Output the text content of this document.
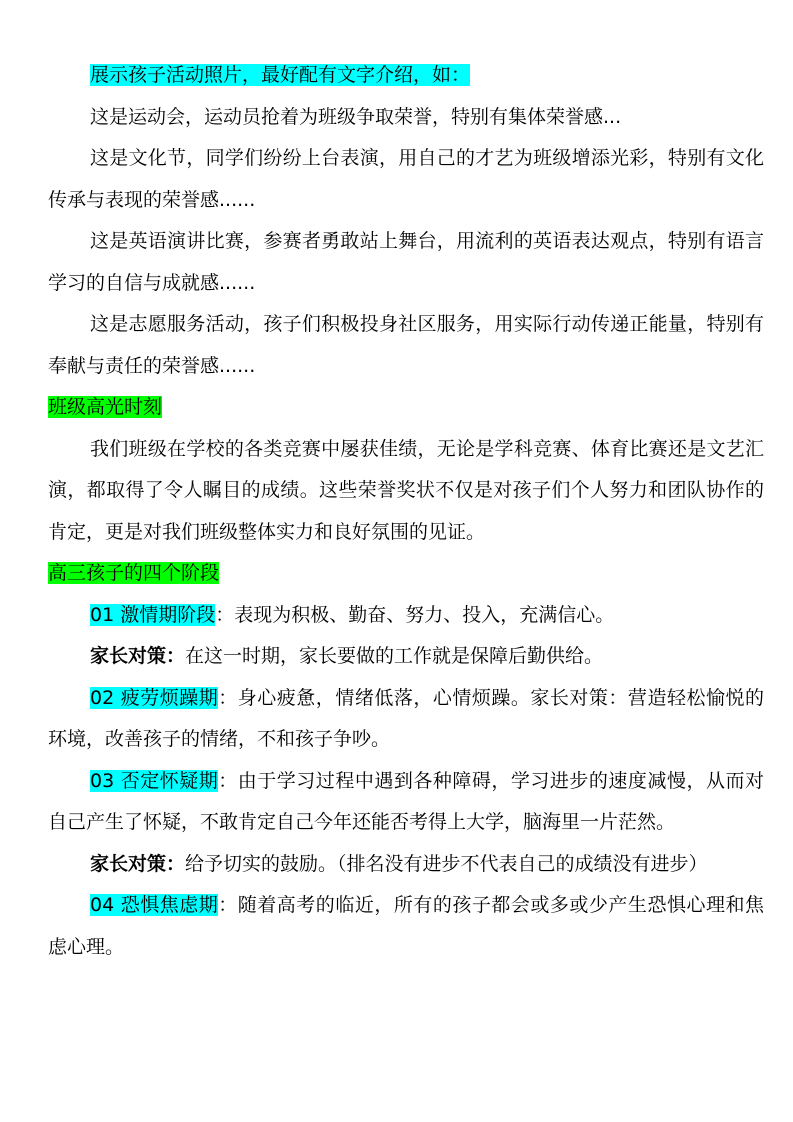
展示孩子活动照片，最好配有文字介绍，如：

这是运动会，运动员抢着为班级争取荣誉，特别有集体荣誉感...

这是文化节，同学们纷纷上台表演，用自己的才艺为班级增添光彩，特别有文化传承与表现的荣誉感......

这是英语演讲比赛，参赛者勇敢站上舞台，用流利的英语表达观点，特别有语言学习的自信与成就感......

这是志愿服务活动，孩子们积极投身社区服务，用实际行动传递正能量，特别有奉献与责任的荣誉感......

班级高光时刻

我们班级在学校的各类竞赛中屡获佳绩，无论是学科竞赛、体育比赛还是文艺汇演，都取得了令人瞩目的成绩。这些荣誉奖状不仅是对孩子们个人努力和团队协作的肯定，更是对我们班级整体实力和良好氛围的见证。

高三孩子的四个阶段

01 激情期阶段：表现为积极、勤奋、努力、投入，充满信心。

家长对策：在这一时期，家长要做的工作就是保障后勤供给。

02 疲劳烦躁期：身心疲惫，情绪低落，心情烦躁。家长对策：营造轻松愉悦的环境，改善孩子的情绪，不和孩子争吵。

03 否定怀疑期：由于学习过程中遇到各种障碍，学习进步的速度减慢，从而对自己产生了怀疑，不敢肯定自己今年还能否考得上大学，脑海里一片茫然。

家长对策：给予切实的鼓励。（排名没有进步不代表自己的成绩没有进步）

04 恐惧焦虑期：随着高考的临近，所有的孩子都会或多或少产生恐惧心理和焦虑心理。
